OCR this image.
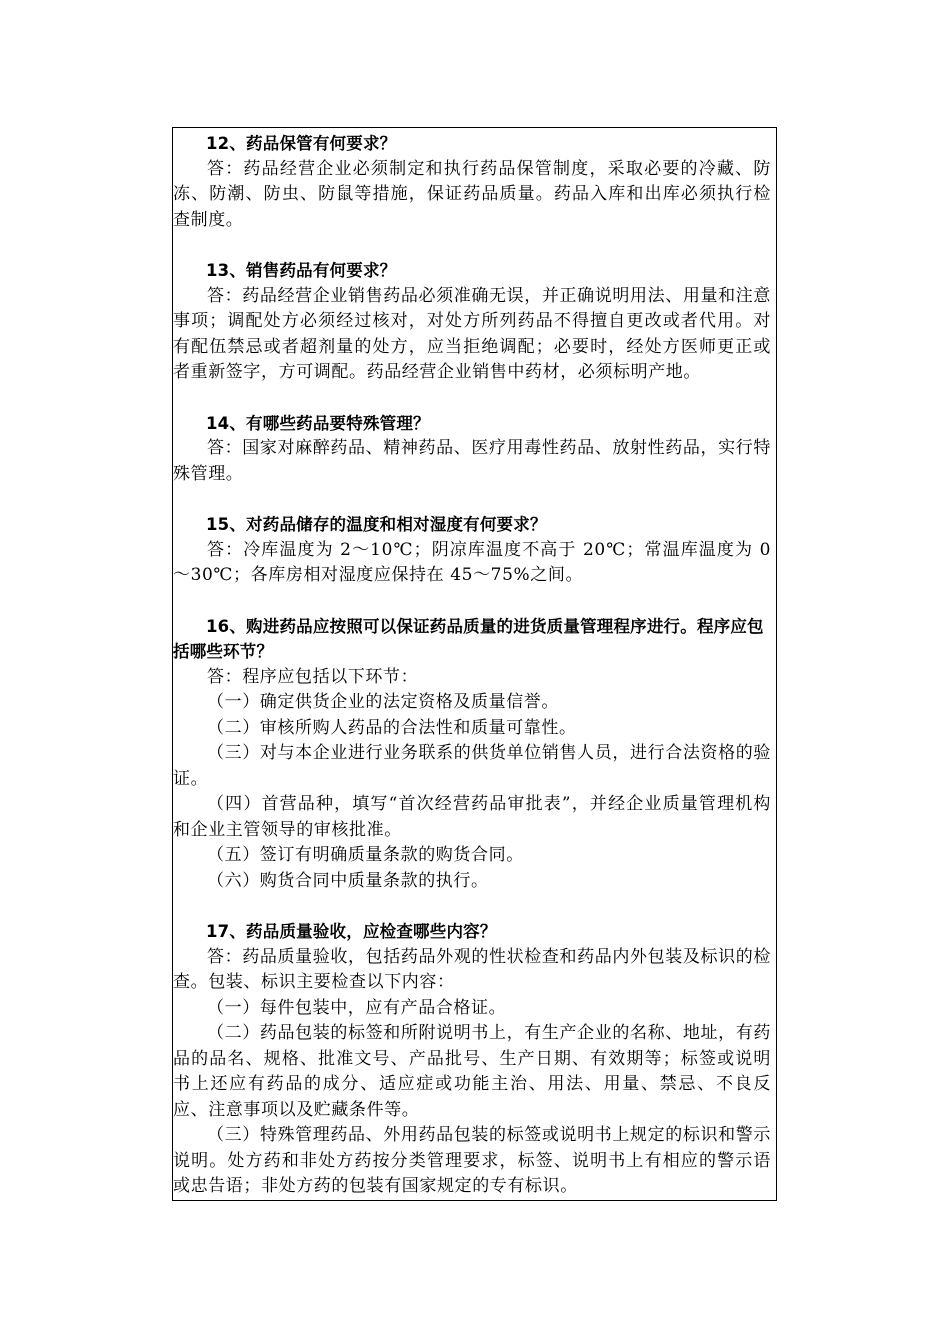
12、药品保管有何要求？

答：药品经营企业必须制定和执行药品保管制度，采取必要的冷藏、防冻、防潮、防虫、防鼠等措施，保证药品质量。药品入库和出库必须执行检查制度。

13、销售药品有何要求？

答：药品经营企业销售药品必须准确无误，并正确说明用法、用量和注意事项；调配处方必须经过核对，对处方所列药品不得擅自更改或者代用。对有配伍禁忌或者超剂量的处方，应当拒绝调配；必要时，经处方医师更正或者重新签字，方可调配。药品经营企业销售中药材，必须标明产地。

14、有哪些药品要特殊管理？

答：国家对麻醉药品、精神药品、医疗用毒性药品、放射性药品，实行特殊管理。

15、对药品储存的温度和相对湿度有何要求？

答：冷库温度为 2～10℃；阴凉库温度不高于 20℃；常温库温度为 0～30℃；各库房相对湿度应保持在 45～75%之间。

16、购进药品应按照可以保证药品质量的进货质量管理程序进行。程序应包括哪些环节？

答：程序应包括以下环节：

（一）确定供货企业的法定资格及质量信誉。

（二）审核所购人药品的合法性和质量可靠性。

（三）对与本企业进行业务联系的供货单位销售人员，进行合法资格的验证。

（四）首营品种，填写“首次经营药品审批表”，并经企业质量管理机构和企业主管领导的审核批准。

（五）签订有明确质量条款的购货合同。

（六）购货合同中质量条款的执行。

17、药品质量验收，应检查哪些内容？

答：药品质量验收，包括药品外观的性状检查和药品内外包装及标识的检查。包装、标识主要检查以下内容：

（一）每件包装中，应有产品合格证。

（二）药品包装的标签和所附说明书上，有生产企业的名称、地址，有药品的品名、规格、批准文号、产品批号、生产日期、有效期等；标签或说明书上还应有药品的成分、适应症或功能主治、用法、用量、禁忌、不良反应、注意事项以及贮藏条件等。

（三）特殊管理药品、外用药品包装的标签或说明书上规定的标识和警示说明。处方药和非处方药按分类管理要求，标签、说明书上有相应的警示语或忠告语；非处方药的包装有国家规定的专有标识。
